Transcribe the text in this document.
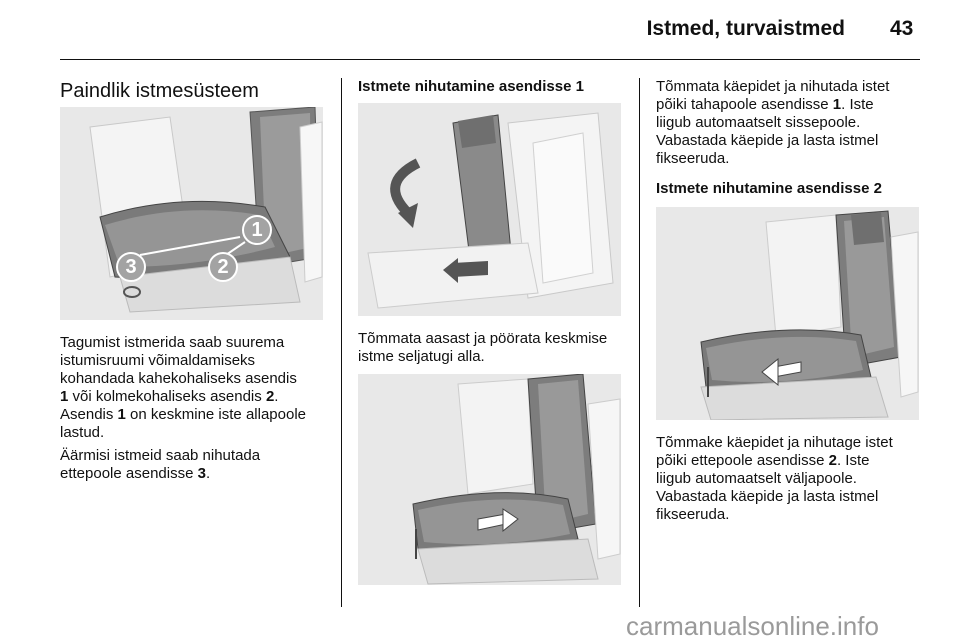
Istmed, turvaistmed 43
Paindlik istmesüsteem
1
2
3

Tagumist istmerida saab suurema
istumisruumi võimaldamiseks
kohandada kahekohaliseks asendis
1 või kolmekohaliseks asendis 2.
Asendis 1 on keskmine iste allapoole
lastud.

Äärmisi istmeid saab nihutada
ettepoole asendisse 3.

Istmete nihutamine asendisse 1

Tõmmata aasast ja pöörata keskmise
istme seljatugi alla.

Tõmmata käepidet ja nihutada istet
põiki tahapoole asendisse 1. Iste
liigub automaatselt sissepoole.
Vabastada käepide ja lasta istmel
fikseeruda.

Istmete nihutamine asendisse 2

Tõmmake käepidet ja nihutage istet
põiki ettepoole asendisse 2. Iste
liigub automaatselt väljapoole.
Vabastada käepide ja lasta istmel
fikseeruda.

carmanualsonline.info
